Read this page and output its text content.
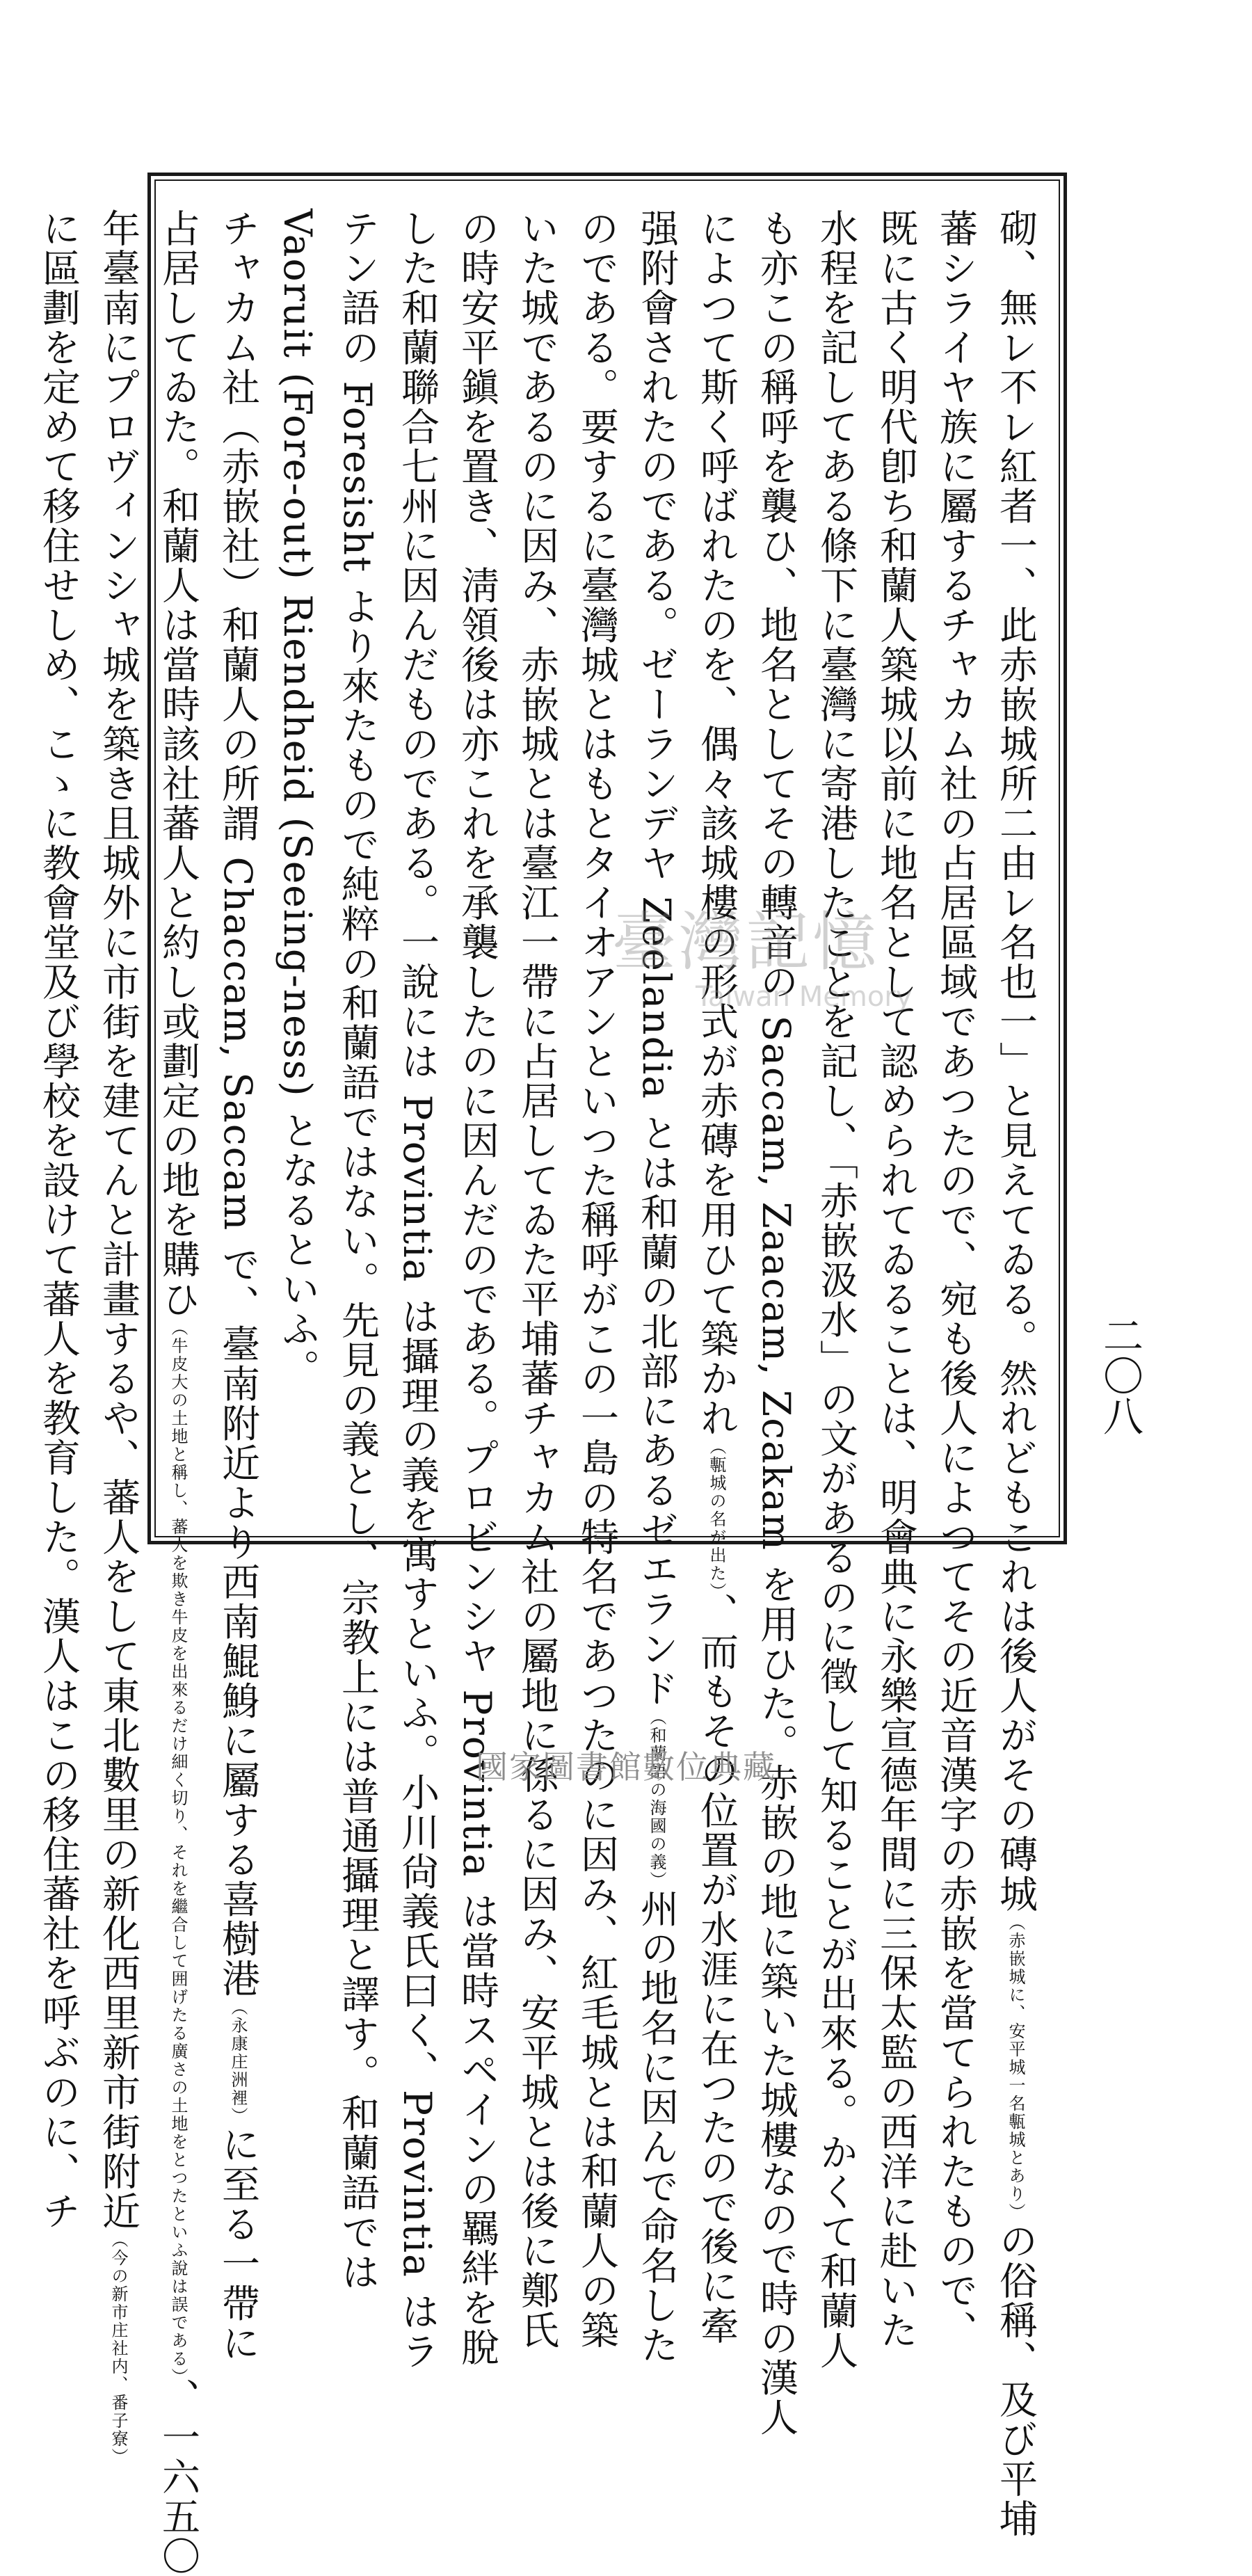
二〇八
砌、無レ不レ紅者一、此赤嵌城所二由レ名也一」と見えてゐる。然れどもこれは後人がその磚城（赤嵌城に、安平城一名甎城とあり）の俗稱、及び平埔
蕃シライヤ族に屬するチャカム社の占居區域であつたので、宛も後人によつてその近音漢字の赤嵌を當てられたもので、
既に古く明代卽ち和蘭人築城以前に地名として認められてゐることは、明會典に永樂宣德年間に三保太監の西洋に赴いた
水程を記してある條下に臺灣に寄港したことを記し、「赤嵌汲水」の文があるのに徵して知ることが出來る。かくて和蘭人
も亦この稱呼を襲ひ、地名としてその轉音の Saccam, Zaacam, Zcakam を用ひた。赤嵌の地に築いた城樓なので時の漢人
によつて斯く呼ばれたのを、偶々該城樓の形式が赤磚を用ひて築かれ（甎城の名が出た）、而もその位置が水涯に在つたので後に牽
强附會されたのである。ゼーランデヤ Zeelandia とは和蘭の北部にあるゼエランド（和蘭語の海國の義）州の地名に因んで命名した
のである。要するに臺灣城とはもとタイオアンといつた稱呼がこの一島の特名であつたのに因み、紅毛城とは和蘭人の築
いた城であるのに因み、赤嵌城とは臺江一帶に占居してゐた平埔蕃チャカム社の屬地に係るに因み、安平城とは後に鄭氏
の時安平鎭を置き、淸領後は亦これを承襲したのに因んだのである。プロビンシヤ Provintia は當時スペインの羈絆を脫
した和蘭聯合七州に因んだものである。一說には Provintia は攝理の義を寓すといふ。小川尙義氏曰く、Provintia はラ
テン語の Foresisht より來たもので純粹の和蘭語ではない。先見の義とし、宗教上には普通攝理と譯す。和蘭語では
Vaoruit (Fore-out) Riendheid (Seeing-ness) となるといふ。
チャカム社（赤嵌社）和蘭人の所謂 Chaccam, Saccam で、臺南附近より西南鯤鯓に屬する喜樹港（永康庄洲裡）に至る一帶に
占居してゐた。和蘭人は當時該社蕃人と約し或劃定の地を購ひ（牛皮大の土地と稱し、蕃人を欺き牛皮を出來るだけ細く切り、それを繼合して囲げたる廣さの土地をとつたといふ說は誤である）、一六五〇
年臺南にプロヴィンシャ城を築き且城外に市街を建てんと計畫するや、蕃人をして東北數里の新化西里新市街附近（今の新市庄社内、番子寮）
に區劃を定めて移住せしめ、こゝに教會堂及び學校を設けて蕃人を教育した。漢人はこの移住蕃社を呼ぶのに、チ	臺灣記憶
Taiwan Memory
國家圖書館數位典藏
